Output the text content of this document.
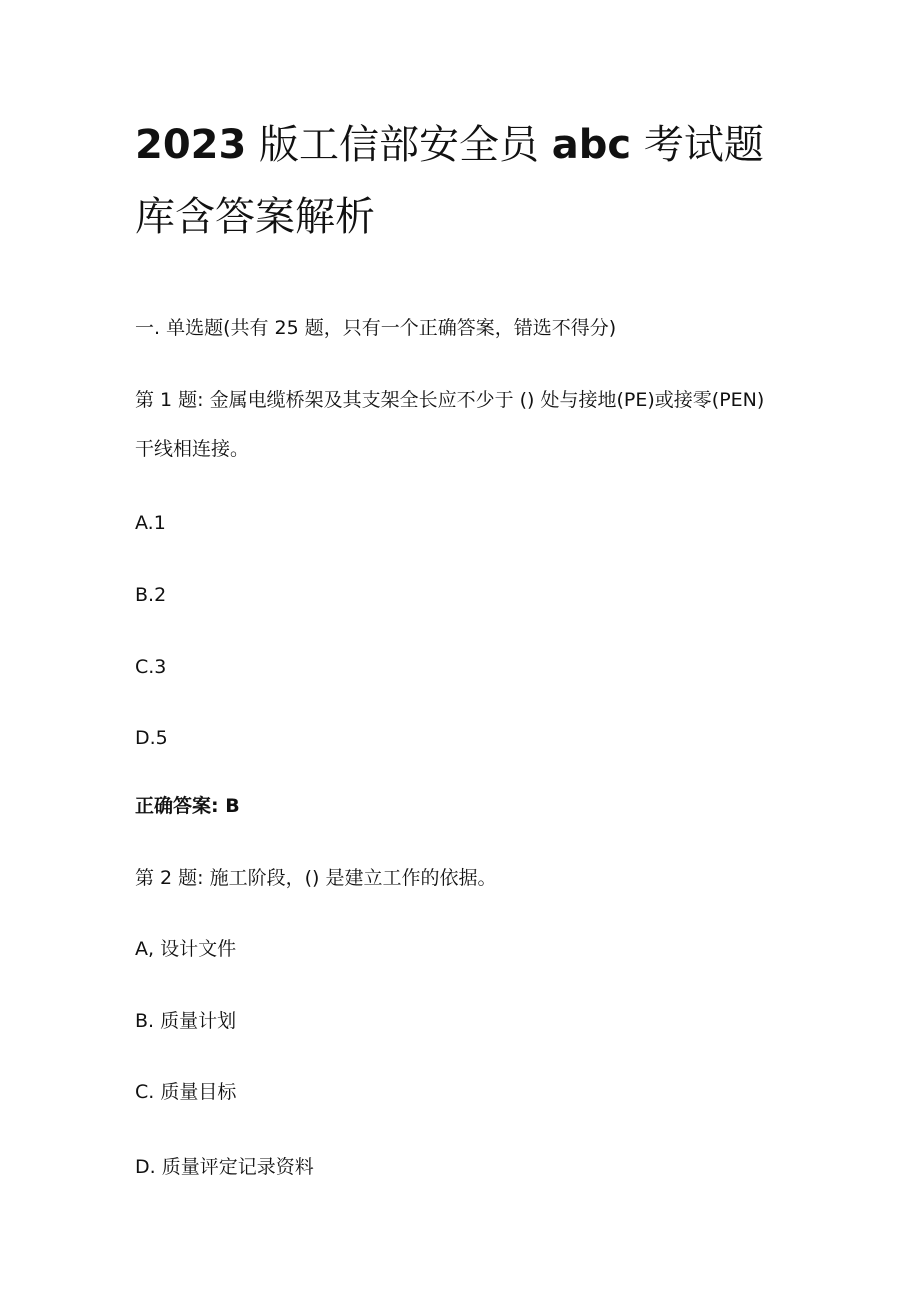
2023 版工信部安全员 abc 考试题
库含答案解析
一. 单选题(共有 25 题，只有一个正确答案，错选不得分)
第 1 题: 金属电缆桥架及其支架全长应不少于 () 处与接地(PE)或接零(PEN)
干线相连接。
A.1
B.2
C.3
D.5
正确答案: B
第 2 题: 施工阶段，() 是建立工作的依据。
A, 设计文件
B. 质量计划
C. 质量目标
D. 质量评定记录资料
